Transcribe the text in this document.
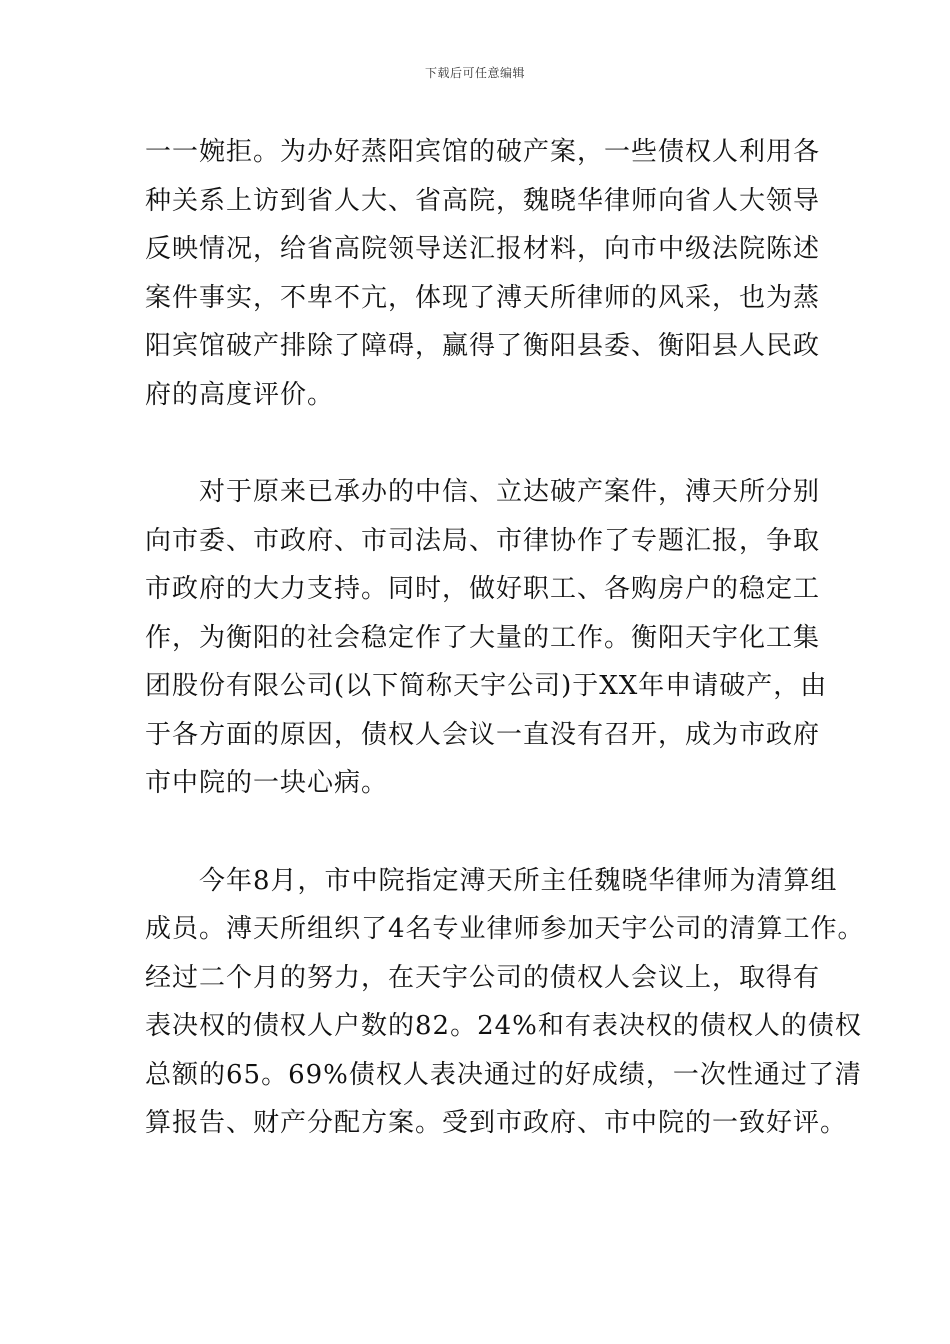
下载后可任意编辑

一一婉拒。为办好蒸阳宾馆的破产案，一些债权人利用各
种关系上访到省人大、省高院，魏晓华律师向省人大领导
反映情况，给省高院领导送汇报材料，向市中级法院陈述
案件事实，不卑不亢，体现了溥天所律师的风采，也为蒸
阳宾馆破产排除了障碍，赢得了衡阳县委、衡阳县人民政
府的高度评价。

　　对于原来已承办的中信、立达破产案件，溥天所分别
向市委、市政府、市司法局、市律协作了专题汇报，争取
市政府的大力支持。同时，做好职工、各购房户的稳定工
作，为衡阳的社会稳定作了大量的工作。衡阳天宇化工集
团股份有限公司(以下简称天宇公司)于XX年申请破产，由
于各方面的原因，债权人会议一直没有召开，成为市政府
市中院的一块心病。

　　今年8月，市中院指定溥天所主任魏晓华律师为清算组
成员。溥天所组织了4名专业律师参加天宇公司的清算工作。
经过二个月的努力，在天宇公司的债权人会议上，取得有
表决权的债权人户数的82。24%和有表决权的债权人的债权
总额的65。69%债权人表决通过的好成绩，一次性通过了清
算报告、财产分配方案。受到市政府、市中院的一致好评。
